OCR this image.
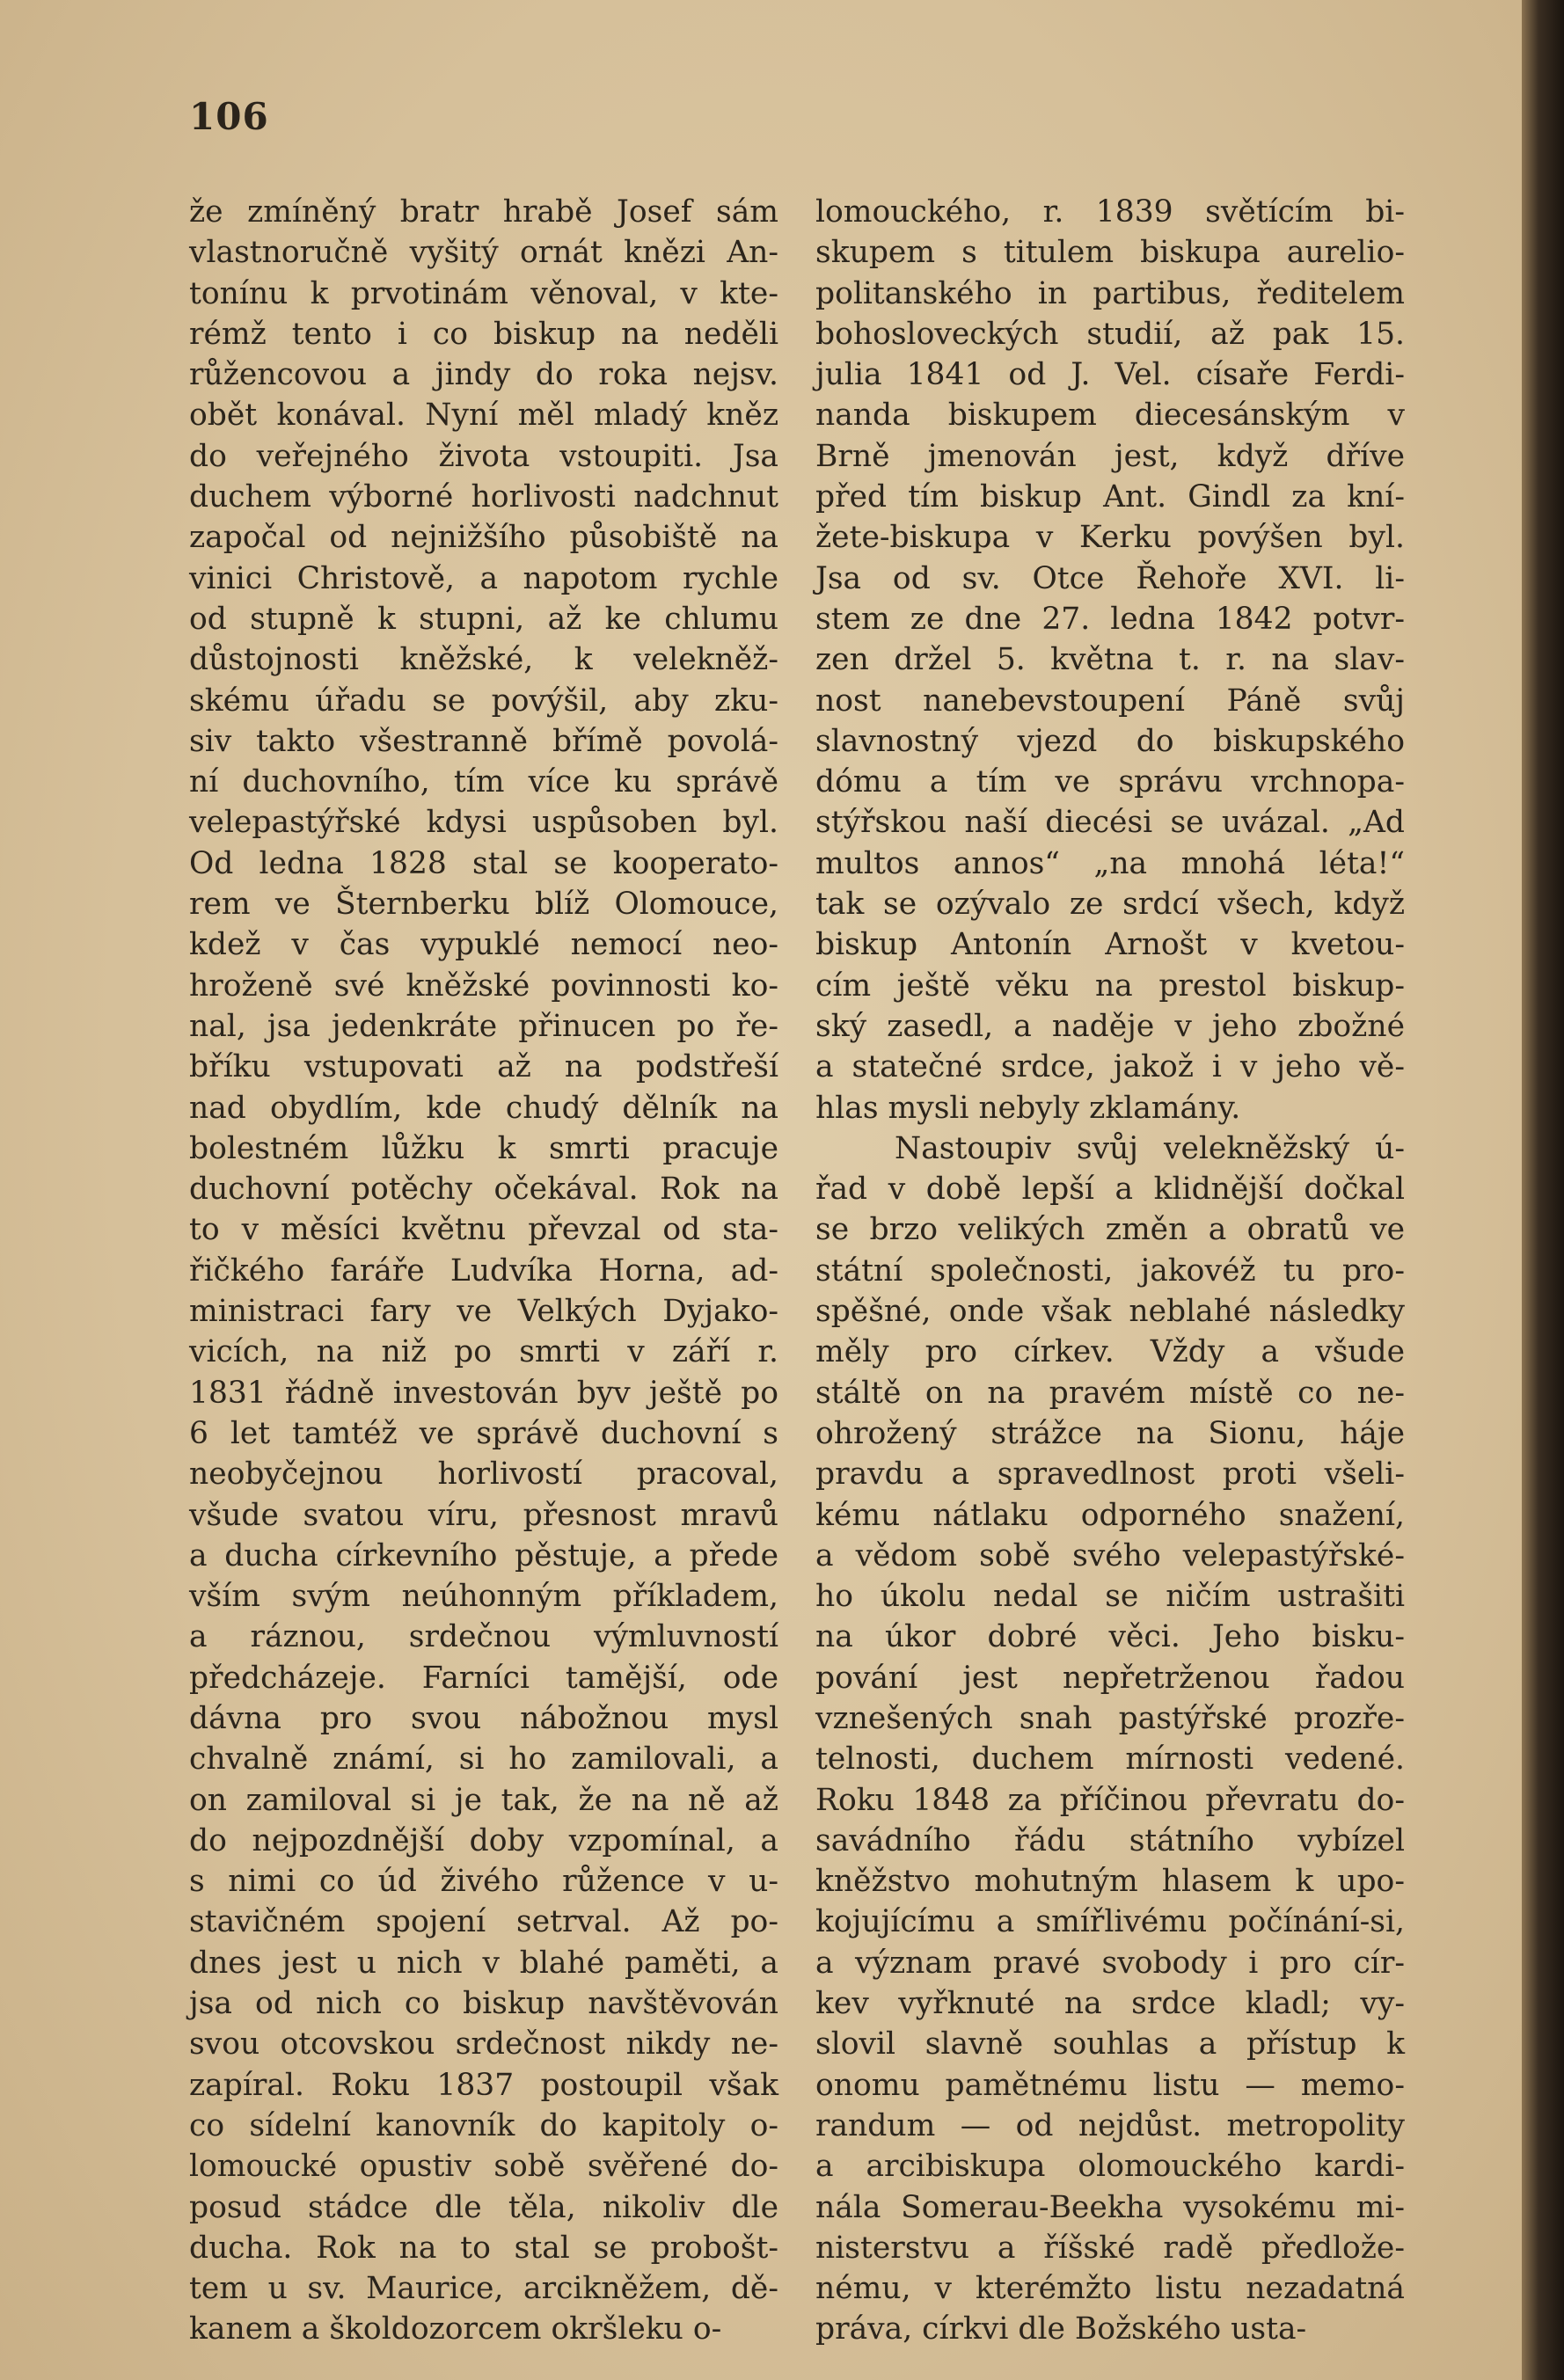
106
že zmíněný bratr hrabě Josef sám
vlastnoručně vyšitý ornát knězi An-
tonínu k prvotinám věnoval, v kte-
rémž tento i co biskup na neděli
růžencovou a jindy do roka nejsv.
obět konával. Nyní měl mladý kněz
do veřejného života vstoupiti. Jsa
duchem výborné horlivosti nadchnut
započal od nejnižšího působiště na
vinici Christově, a napotom rychle
od stupně k stupni, až ke chlumu
důstojnosti kněžské, k velekněž-
skému úřadu se povýšil, aby zku-
siv takto všestranně břímě povolá-
ní duchovního, tím více ku správě
velepastýřské kdysi uspůsoben byl.
Od ledna 1828 stal se kooperato-
rem ve Šternberku blíž Olomouce,
kdež v čas vypuklé nemocí neo-
hroženě své kněžské povinnosti ko-
nal, jsa jedenkráte přinucen po ře-
bříku vstupovati až na podstřeší
nad obydlím, kde chudý dělník na
bolestném lůžku k smrti pracuje
duchovní potěchy očekával. Rok na
to v měsíci květnu převzal od sta-
řičkého faráře Ludvíka Horna, ad-
ministraci fary ve Velkých Dyjako-
vicích, na niž po smrti v září r.
1831 řádně investován byv ještě po
6 let tamtéž ve správě duchovní s
neobyčejnou horlivostí pracoval,
všude svatou víru, přesnost mravů
a ducha církevního pěstuje, a přede
vším svým neúhonným příkladem,
a ráznou, srdečnou výmluvností
předcházeje. Farníci tamější, ode
dávna pro svou nábožnou mysl
chvalně známí, si ho zamilovali, a
on zamiloval si je tak, že na ně až
do nejpozdnější doby vzpomínal, a
s nimi co úd živého růžence v u-
stavičném spojení setrval. Až po-
dnes jest u nich v blahé paměti, a
jsa od nich co biskup navštěvován
svou otcovskou srdečnost nikdy ne-
zapíral. Roku 1837 postoupil však
co sídelní kanovník do kapitoly o-
lomoucké opustiv sobě svěřené do-
posud stádce dle těla, nikoliv dle
ducha. Rok na to stal se probošt-
tem u sv. Maurice, arcikněžem, dě-
kanem a školdozorcem okršleku o-
lomouckého, r. 1839 světícím bi-
skupem s titulem biskupa aurelio-
politanského in partibus, ředitelem
bohosloveckých studií, až pak 15.
julia 1841 od J. Vel. císaře Ferdi-
nanda biskupem diecesánským v
Brně jmenován jest, když dříve
před tím biskup Ant. Gindl za kní-
žete-biskupa v Kerku povýšen byl.
Jsa od sv. Otce Řehoře XVI. li-
stem ze dne 27. ledna 1842 potvr-
zen držel 5. května t. r. na slav-
nost nanebevstoupení Páně svůj
slavnostný vjezd do biskupského
dómu a tím ve správu vrchnopa-
stýřskou naší diecési se uvázal. „Ad
multos annos“ „na mnohá léta!“
tak se ozývalo ze srdcí všech, když
biskup Antonín Arnošt v kvetou-
cím ještě věku na prestol biskup-
ský zasedl, a naděje v jeho zbožné
a statečné srdce, jakož i v jeho vě-
hlas mysli nebyly zklamány.
Nastoupiv svůj velekněžský ú-
řad v době lepší a klidnější dočkal
se brzo velikých změn a obratů ve
státní společnosti, jakovéž tu pro-
spěšné, onde však neblahé následky
měly pro církev. Vždy a všude
stáltě on na pravém místě co ne-
ohrožený strážce na Sionu, háje
pravdu a spravedlnost proti všeli-
kému nátlaku odporného snažení,
a vědom sobě svého velepastýřské-
ho úkolu nedal se ničím ustrašiti
na úkor dobré věci. Jeho bisku-
pování jest nepřetrženou řadou
vznešených snah pastýřské prozře-
telnosti, duchem mírnosti vedené.
Roku 1848 za příčinou převratu do-
savádního řádu státního vybízel
kněžstvo mohutným hlasem k upo-
kojujícímu a smířlivému počínání-si,
a význam pravé svobody i pro cír-
kev vyřknuté na srdce kladl; vy-
slovil slavně souhlas a přístup k
onomu pamětnému listu — memo-
randum — od nejdůst. metropolity
a arcibiskupa olomouckého kardi-
nála Somerau-Beekha vysokému mi-
nisterstvu a říšské radě předlože-
nému, v kterémžto listu nezadatná
práva, církvi dle Božského usta-
